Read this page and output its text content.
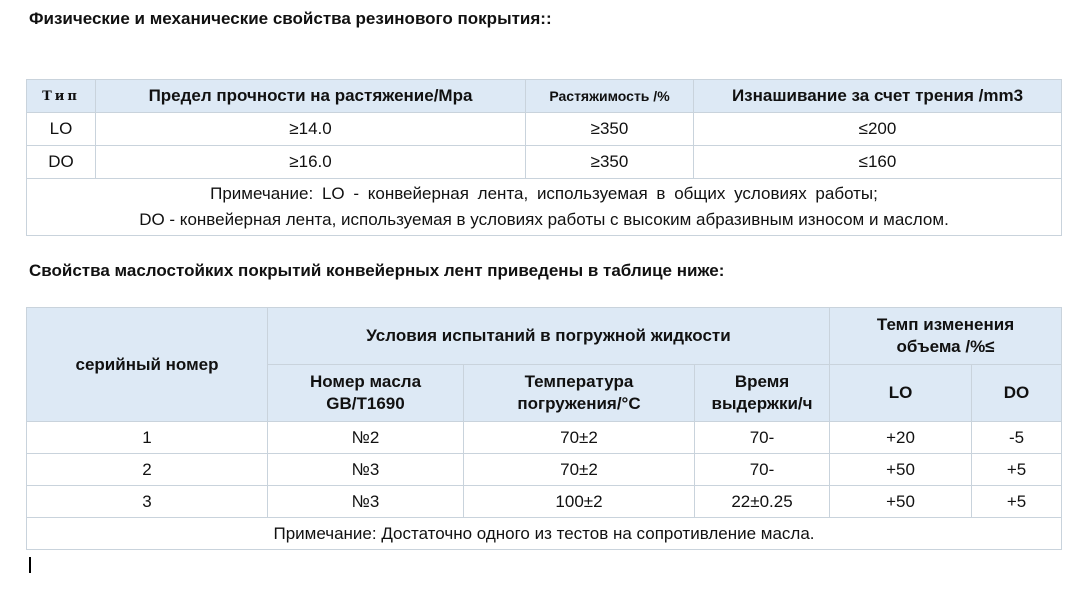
Физические и механические свойства резинового покрытия::
Тип	Предел прочности на растяжение/Mpa	Растяжимость /%	Изнашивание за счет трения /mm3
LO	≥14.0	≥350	≤200
DO	≥16.0	≥350	≤160

Примечание: LO - конвейерная лента, используемая в общих условиях работы;
DO - конвейерная лента, используемая в условиях работы с высоким абразивным износом и маслом.			
Свойства маслостойких покрытий конвейерных лент приведены в таблице ниже:
серийный номер	Условия испытаний в погружной жидкости			Темп изменения объема /%≤	
	Номер масла GB/T1690	Температура погружения/°C	Время выдержки/ч	LO	DO
1	№2	70±2	70-	+20	-5
2	№3	70±2	70-	+50	+5
3	№3	100±2	22±0.25	+50	+5
Примечание: Достаточно одного из тестов на сопротивление масла.					
